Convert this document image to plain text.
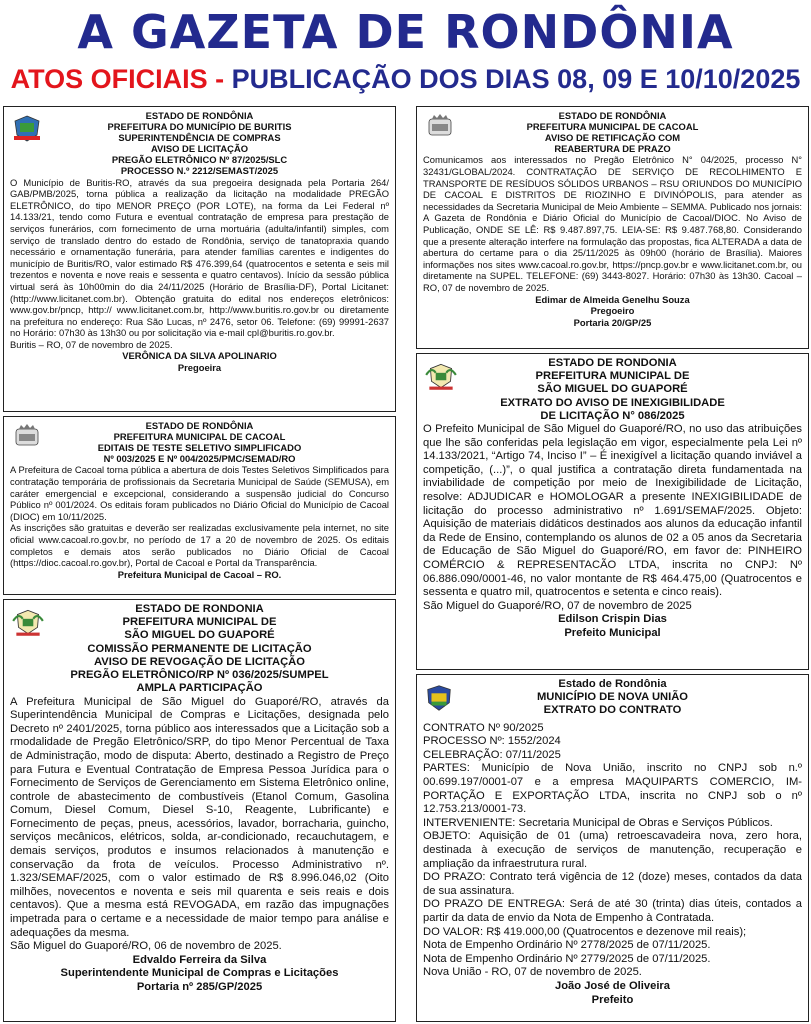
A GAZETA DE RONDÔNIA
ATOS OFICIAIS - PUBLICAÇÃO DOS DIAS 08, 09 E 10/10/2025
ESTADO DE RONDÔNIA
PREFEITURA DO MUNICÍPIO DE BURITIS
SUPERINTENDÊNCIA DE COMPRAS
AVISO DE LICITAÇÃO
PREGÃO ELETRÔNICO Nº 87/2025/SLC
PROCESSO N.º 2212/SEMAST/2025

O Município de Buritis-RO, através da sua pregoeira designada pela Portaria 264/ GAB/PMB/2025, torna pública a realização da licitação na modalidade PREGÃO ELETRÔNICO, do tipo MENOR PREÇO (POR LOTE), na forma da Lei Federal nº 14.133/21, tendo como Futura e eventual contratação de empresa para prestação de serviços funerários, com fornecimento de urna mortuária (adulta/infantil) simples, com serviço de translado dentro do estado de Rondônia, serviço de tanatopraxia quando necessário e ornamentação funerária, para atender famílias carentes e indigentes do município de Buritis/RO, valor estimado R$ 476.399,64 (quatrocentos e setenta e seis mil trezentos e noventa e nove reais e sessenta e quatro centavos). Início da sessão pública virtual será às 10h00min do dia 24/11/2025 (Horário de Brasília-DF), Portal Licitanet: (http://www.licitanet.com.br). Obtenção gratuita do edital nos endereços eletrônicos: www.gov.br/pncp, http:// www.licitanet.com.br, http://www.buritis.ro.gov.br ou diretamente na prefeitura no endereço: Rua São Lucas, nº 2476, setor 06. Telefone: (69) 99991-2637 no Horário: 07h30 às 13h30 ou por solicitação via e-mail cpl@buritis.ro.gov.br.

Buritis – RO, 07 de novembro de 2025.

VERÔNICA DA SILVA APOLINARIO
Pregoeira
ESTADO DE RONDÔNIA
PREFEITURA MUNICIPAL DE CACOAL
AVISO DE RETIFICAÇÃO COM
REABERTURA DE PRAZO

Comunicamos aos interessados no Pregão Eletrônico N° 04/2025, processo N° 32431/GLOBAL/2024. CONTRATAÇÃO DE SERVIÇO DE RECOLHIMENTO E TRANSPORTE DE RESÍDUOS SÓLIDOS URBANOS – RSU ORIUNDOS DO MUNICÍPIO DE CACOAL E DISTRITOS DE RIOZINHO E DIVINÓPOLIS, para atender as necessidades da Secretaria Municipal de Meio Ambiente – SEMMA. Publicado nos jornais: A Gazeta de Rondônia e Diário Oficial do Município de Cacoal/DIOC. No Aviso de Publicação, ONDE SE LÊ: R$ 9.487.897,75. LEIA-SE: R$ 9.487.768,80. Considerando que a presente alteração interfere na formulação das propostas, fica ALTERADA a data de abertura do certame para o dia 25/11/2025 às 09h00 (horário de Brasília). Maiores informações nos sites www.cacoal.ro.gov.br, https://pncp.gov.br e www.licitanet.com.br, ou diretamente na SUPEL. TELEFONE: (69) 3443-8027. Horário: 07h30 às 13h30. Cacoal – RO, 07 de novembro de 2025.

Edimar de Almeida Genelhu Souza
Pregoeiro
Portaria 20/GP/25
ESTADO DE RONDÔNIA
PREFEITURA MUNICIPAL DE CACOAL
EDITAIS DE TESTE SELETIVO SIMPLIFICADO
Nº 003/2025 E Nº 004/2025/PMC/SEMAD/RO

A Prefeitura de Cacoal torna pública a abertura de dois Testes Seletivos Simplificados para contratação temporária de profissionais da Secretaria Municipal de Saúde (SEMUSA), em caráter emergencial e excepcional, considerando a suspensão judicial do Concurso Público nº 001/2024. Os editais foram publicados no Diário Oficial do Município de Cacoal (DIOC) em 10/11/2025.

As inscrições são gratuitas e deverão ser realizadas exclusivamente pela internet, no site oficial www.cacoal.ro.gov.br, no período de 17 a 20 de novembro de 2025. Os editais completos e demais atos serão publicados no Diário Oficial de Cacoal (https://dioc.cacoal.ro.gov.br), Portal de Cacoal e Portal da Transparência.

Prefeitura Municipal de Cacoal – RO.
ESTADO DE RONDONIA
PREFEITURA MUNICIPAL DE
SÃO MIGUEL DO GUAPORÉ
EXTRATO DO AVISO DE INEXIGIBILIDADE
DE LICITAÇÃO N° 086/2025

O Prefeito Municipal de São Miguel do Guaporé/RO, no uso das atribuições que lhe são conferidas pela legislação em vigor, especialmente pela Lei nº 14.133/2021, “Artigo 74, Inciso I” – É inexigível a licitação quando inviável a competição, (...)”, o qual justifica a contratação direta fundamentada na inviabilidade de competição por meio de Inexigibilidade de Licitação, resolve: ADJUDICAR e HOMOLOGAR a presente INEXIGIBILIDADE de licitação do processo administrativo nº 1.691/SEMAF/2025. Objeto: Aquisição de materiais didáticos destinados aos alunos da educação infantil da Rede de Ensino, contemplando os alunos de 02 a 05 anos da Secretaria de Educação de São Miguel do Guaporé/RO, em favor de: PINHEIRO COMÉRCIO & REPRESENTACÃO LTDA, inscrita no CNPJ: Nº 06.886.090/0001-46, no valor montante de R$ 464.475,00 (Quatrocentos e sessenta e quatro mil, quatrocentos e setenta e cinco reais).

São Miguel do Guaporé/RO, 07 de novembro de 2025

Edilson Crispin Dias
Prefeito Municipal
ESTADO DE RONDONIA
PREFEITURA MUNICIPAL DE
SÃO MIGUEL DO GUAPORÉ
COMISSÃO PERMANENTE DE LICITAÇÃO
AVISO DE REVOGAÇÃO DE LICITAÇÃO
PREGÃO ELETRÔNICO/RP Nº 036/2025/SUMPEL
AMPLA PARTICIPAÇÃO

A Prefeitura Municipal de São Miguel do Guaporé/RO, através da Superintendência Municipal de Compras e Licitações, designada pelo Decreto nº 2401/2025, torna público aos interessados que a Licitação sob a rmodalidade de Pregão Eletrônico/SRP, do tipo Menor Percentual de Taxa de Administração, modo de disputa: Aberto, destinado a Registro de Preço para Futura e Eventual Contratação de Empresa Pessoa Jurídica para o Fornecimento de Serviços de Gerenciamento em Sistema Eletrônico online, controle de abastecimento de combustíveis (Etanol Comum, Gasolina Comum, Diesel Comum, Diesel S-10, Reagente, Lubrificante) e Fornecimento de peças, pneus, acessórios, lavador, borracharia, guincho, serviços mecânicos, elétricos, solda, ar-condicionado, recauchutagem, e demais serviços, produtos e insumos relacionados à manutenção e conservação da frota de veículos. Processo Administrativo nº. 1.323/SEMAF/2025, com o valor estimado de R$ 8.996.046,02 (Oito milhões, novecentos e noventa e seis mil quarenta e seis reais e dois centavos). Que a mesma está REVOGADA, em razão das impugnações impetrada para o certame e a necessidade de maior tempo para análise e adequações da mesma.

São Miguel do Guaporé/RO, 06 de novembro de 2025.

Edvaldo Ferreira da Silva
Superintendente Municipal de Compras e Licitações
Portaria nº 285/GP/2025
Estado de Rondônia
MUNICÍPIO DE NOVA UNIÃO
EXTRATO DO CONTRATO

CONTRATO Nº 90/2025

PROCESSO Nº: 1552/2024

CELEBRAÇÃO: 07/11/2025

PARTES: Município de Nova União, inscrito no CNPJ sob n.º 00.699.197/0001-07 e a empresa MAQUIPARTS COMERCIO, IM-PORTAÇÃO E EXPORTAÇÃO LTDA, inscrita no CNPJ sob o nº 12.753.213/0001-73.

INTERVENIENTE: Secretaria Municipal de Obras e Serviços Públicos.

OBJETO: Aquisição de 01 (uma) retroescavadeira nova, zero hora, destinada à execução de serviços de manutenção, recuperação e ampliação da infraestrutura rural.

DO PRAZO: Contrato terá vigência de 12 (doze) meses, contados da data de sua assinatura.

DO PRAZO DE ENTREGA: Será de até 30 (trinta) dias úteis, contados a partir da data de envio da Nota de Empenho à Contratada.

DO VALOR: R$ 419.000,00 (Quatrocentos e dezenove mil reais);

Nota de Empenho Ordinário Nº 2778/2025 de 07/11/2025.

Nota de Empenho Ordinário Nº 2779/2025 de 07/11/2025.

Nova União - RO, 07 de novembro de 2025.

João José de Oliveira
Prefeito
